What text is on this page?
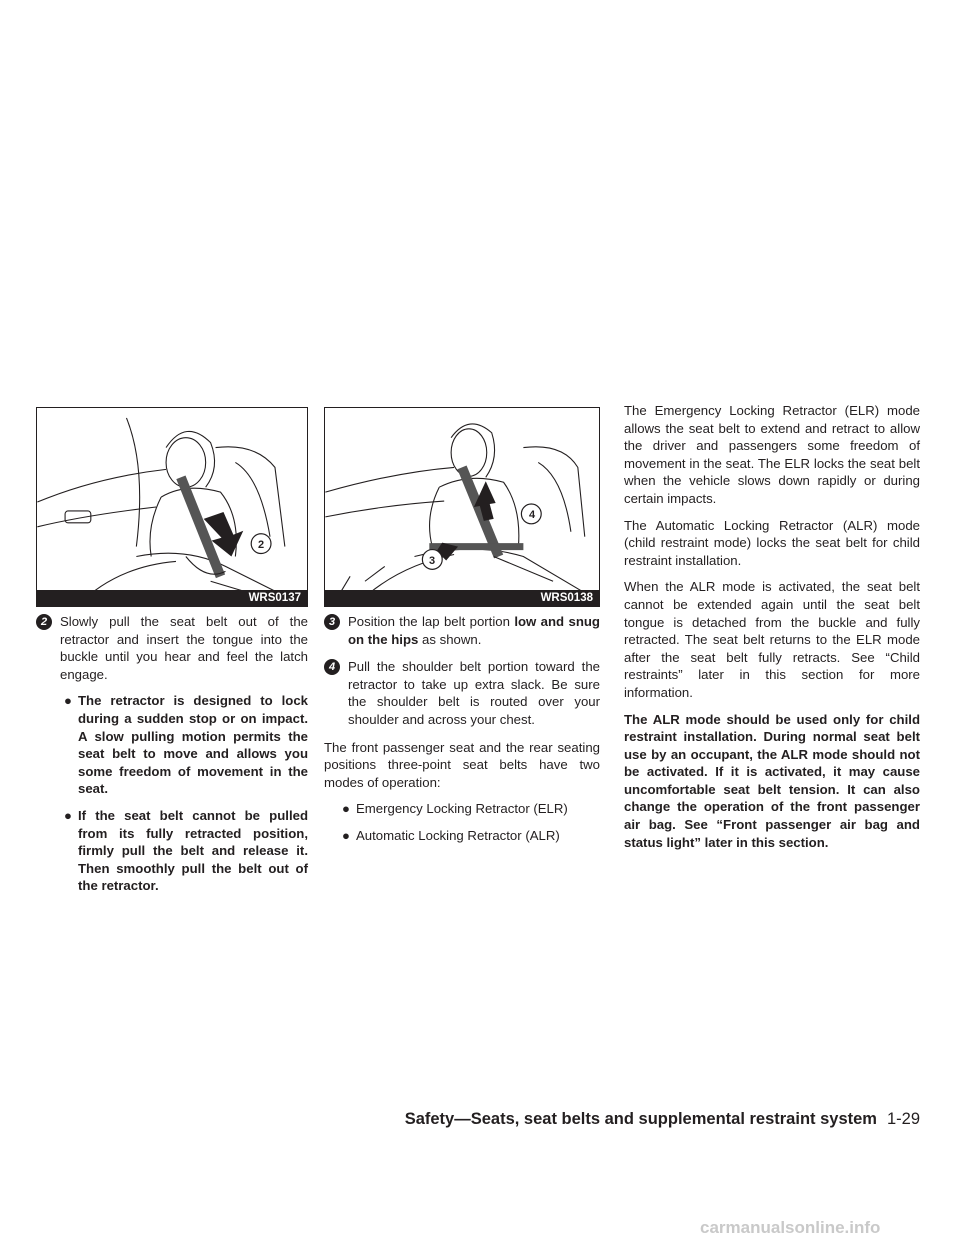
2
WRS0137
2 Slowly pull the seat belt out of the retractor and insert the tongue into the buckle until you hear and feel the latch engage.
● The retractor is designed to lock during a sudden stop or on impact. A slow pulling motion permits the seat belt to move and allows you some freedom of movement in the seat.
● If the seat belt cannot be pulled from its fully retracted position, firmly pull the belt and release it. Then smoothly pull the belt out of the retractor.
4
3
WRS0138
3 Position the lap belt portion low and snug on the hips as shown.
4 Pull the shoulder belt portion toward the retractor to take up extra slack. Be sure the shoulder belt is routed over your shoulder and across your chest.

The front passenger seat and the rear seating positions three-point seat belts have two modes of operation:

● Emergency Locking Retractor (ELR)
● Automatic Locking Retractor (ALR)

The Emergency Locking Retractor (ELR) mode allows the seat belt to extend and retract to allow the driver and passengers some freedom of movement in the seat. The ELR locks the seat belt when the vehicle slows down rapidly or during certain impacts.

The Automatic Locking Retractor (ALR) mode (child restraint mode) locks the seat belt for child restraint installation.

When the ALR mode is activated, the seat belt cannot be extended again until the seat belt tongue is detached from the buckle and fully retracted. The seat belt returns to the ELR mode after the seat belt fully retracts. See “Child restraints” later in this section for more information.

The ALR mode should be used only for child restraint installation. During normal seat belt use by an occupant, the ALR mode should not be activated. If it is activated, it may cause uncomfortable seat belt tension. It can also change the operation of the front passenger air bag. See “Front passenger air bag and status light” later in this section.

Safety—Seats, seat belts and supplemental restraint system 1-29
carmanualsonline.info
